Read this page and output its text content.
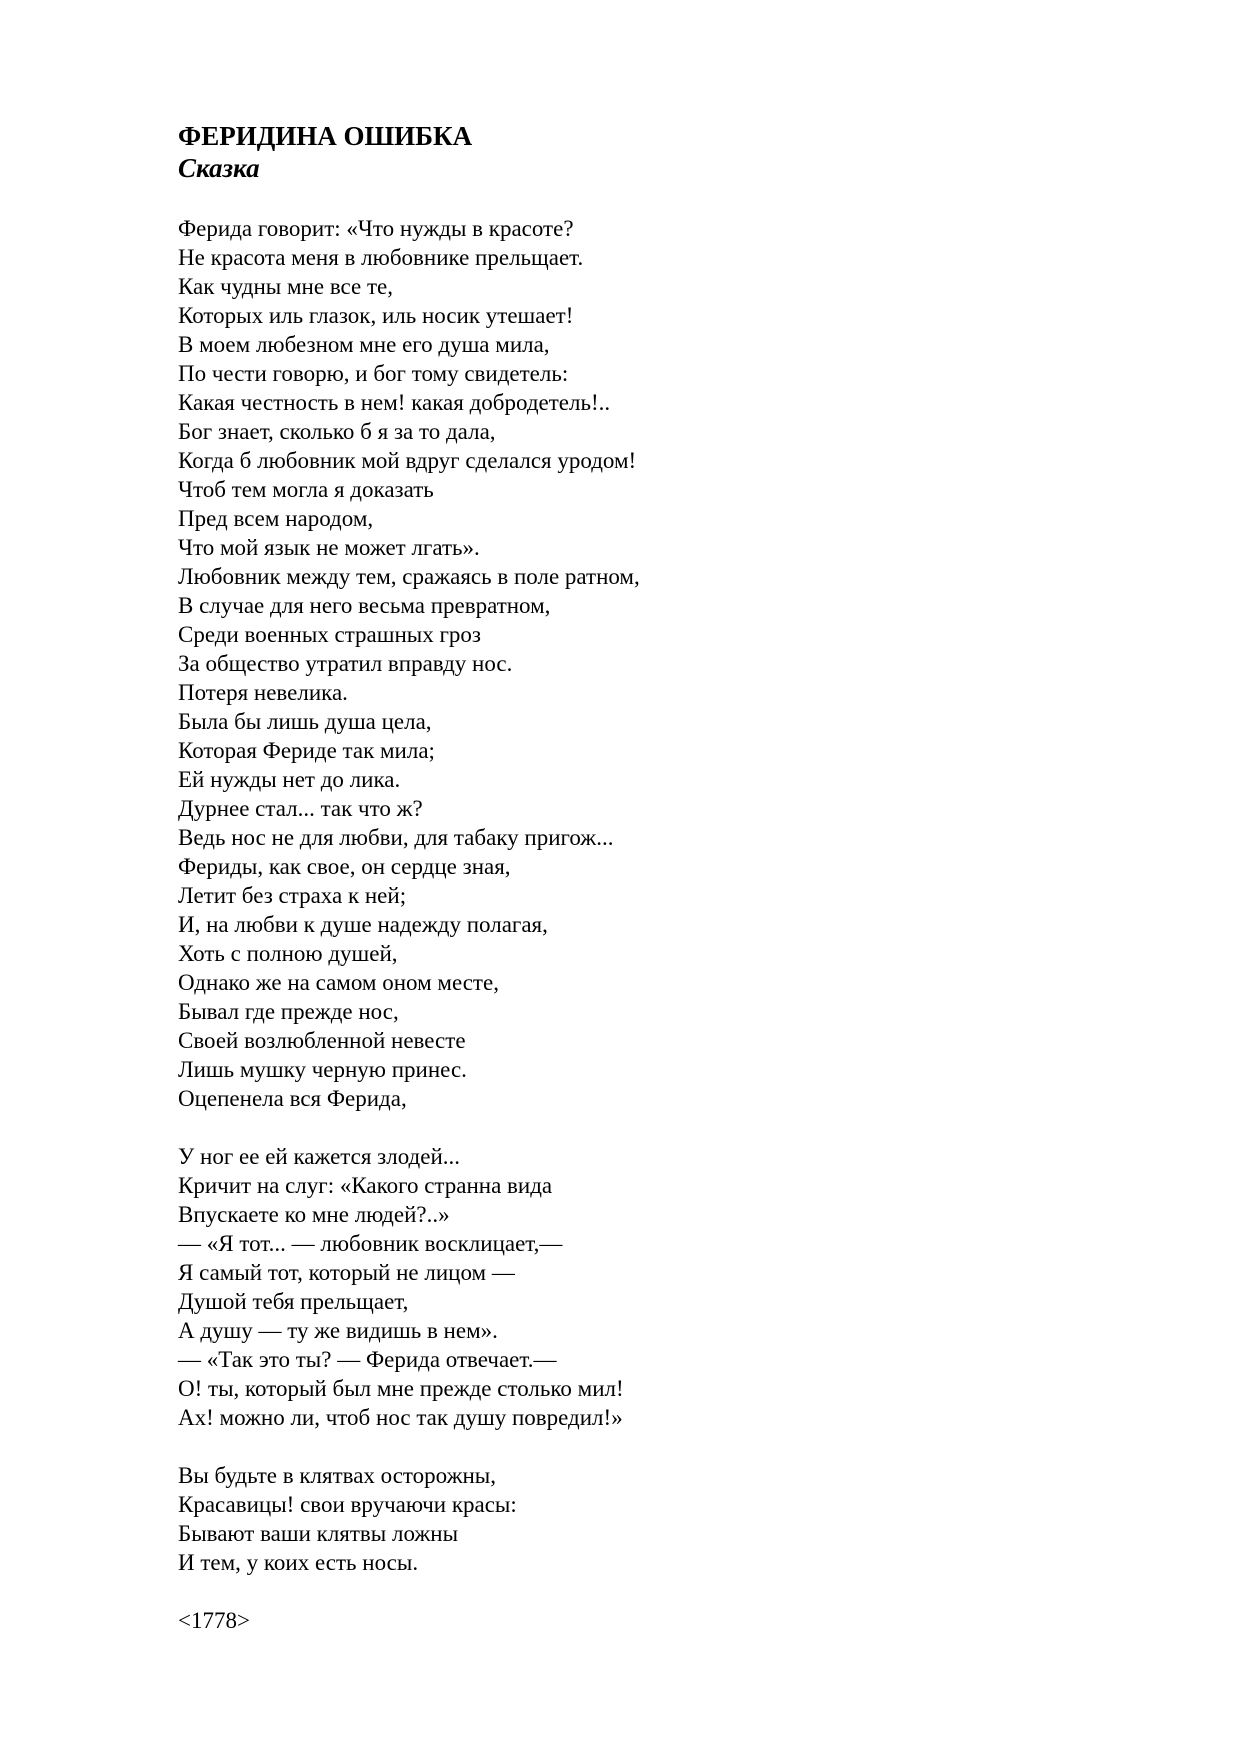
ФЕРИДИНА ОШИБКА
Сказка
Ферида говорит: «Что нужды в красоте?
Не красота меня в любовнике прельщает.
Как чудны мне все те,
Которых иль глазок, иль носик утешает!
В моем любезном мне его душа мила,
По чести говорю, и бог тому свидетель:
Какая честность в нем! какая добродетель!..
Бог знает, сколько б я за то дала,
Когда б любовник мой вдруг сделался уродом!
Чтоб тем могла я доказать
Пред всем народом,
Что мой язык не может лгать».
Любовник между тем, сражаясь в поле ратном,
В случае для него весьма превратном,
Среди военных страшных гроз
За общество утратил вправду нос.
Потеря невелика.
Была бы лишь душа цела,
Которая Фериде так мила;
Ей нужды нет до лика.
Дурнее стал... так что ж?
Ведь нос не для любви, для табаку пригож...
Фериды, как свое, он сердце зная,
Летит без страха к ней;
И, на любви к душе надежду полагая,
Хоть с полною душей,
Однако же на самом оном месте,
Бывал где прежде нос,
Своей возлюбленной невесте
Лишь мушку черную принес.
Оцепенела вся Ферида,
У ног ее ей кажется злодей...
Кричит на слуг: «Какого странна вида
Впускаете ко мне людей?..»
— «Я тот... — любовник восклицает,—
Я самый тот, который не лицом —
Душой тебя прельщает,
А душу — ту же видишь в нем».
— «Так это ты? — Ферида отвечает.—
О! ты, который был мне прежде столько мил!
Ах! можно ли, чтоб нос так душу повредил!»
Вы будьте в клятвах осторожны,
Красавицы! свои вручаючи красы:
Бывают ваши клятвы ложны
И тем, у коих есть носы.
<1778>
